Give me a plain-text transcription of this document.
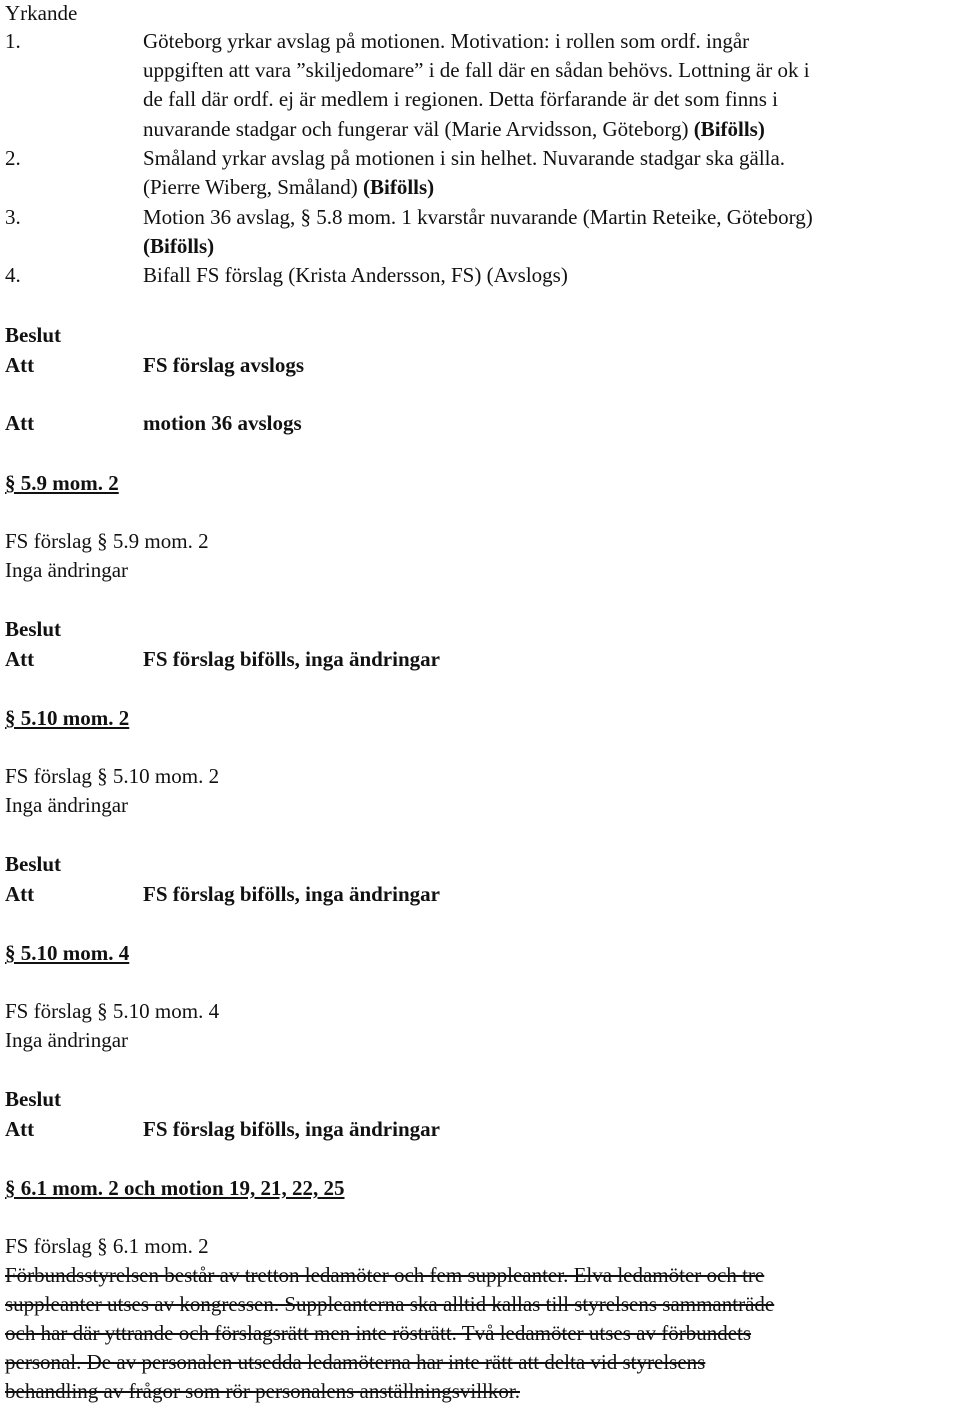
Yrkande
1.	Göteborg yrkar avslag på motionen. Motivation: i rollen som ordf. ingår
uppgiften att vara ”skiljedomare” i de fall där en sådan behövs. Lottning är ok i
de fall där ordf. ej är medlem i regionen. Detta förfarande är det som finns i
nuvarande stadgar och fungerar väl (Marie Arvidsson, Göteborg) (Bifölls)
2.	Småland yrkar avslag på motionen i sin helhet. Nuvarande stadgar ska gälla.
(Pierre Wiberg, Småland) (Bifölls)
3.	Motion 36 avslag, § 5.8 mom. 1 kvarstår nuvarande (Martin Reteike, Göteborg)
(Bifölls)
4.	Bifall FS förslag (Krista Andersson, FS) (Avslogs)
Beslut
Att	FS förslag avslogs
Att	motion 36 avslogs
§ 5.9 mom. 2
FS förslag § 5.9 mom. 2
Inga ändringar
Beslut
Att	FS förslag bifölls, inga ändringar
§ 5.10 mom. 2
FS förslag § 5.10 mom. 2
Inga ändringar
Beslut
Att	FS förslag bifölls, inga ändringar
§ 5.10 mom. 4
FS förslag § 5.10 mom. 4
Inga ändringar
Beslut
Att	FS förslag bifölls, inga ändringar
§ 6.1 mom. 2 och motion 19, 21, 22, 25
FS förslag § 6.1 mom. 2
Förbundsstyrelsen består av tretton ledamöter och fem suppleanter. Elva ledamöter och tre
suppleanter utses av kongressen. Suppleanterna ska alltid kallas till styrelsens sammanträde
och har där yttrande och förslagsrätt men inte rösträtt. Två ledamöter utses av förbundets
personal. De av personalen utsedda ledamöterna har inte rätt att delta vid styrelsens
behandling av frågor som rör personalens anställningsvillkor.
